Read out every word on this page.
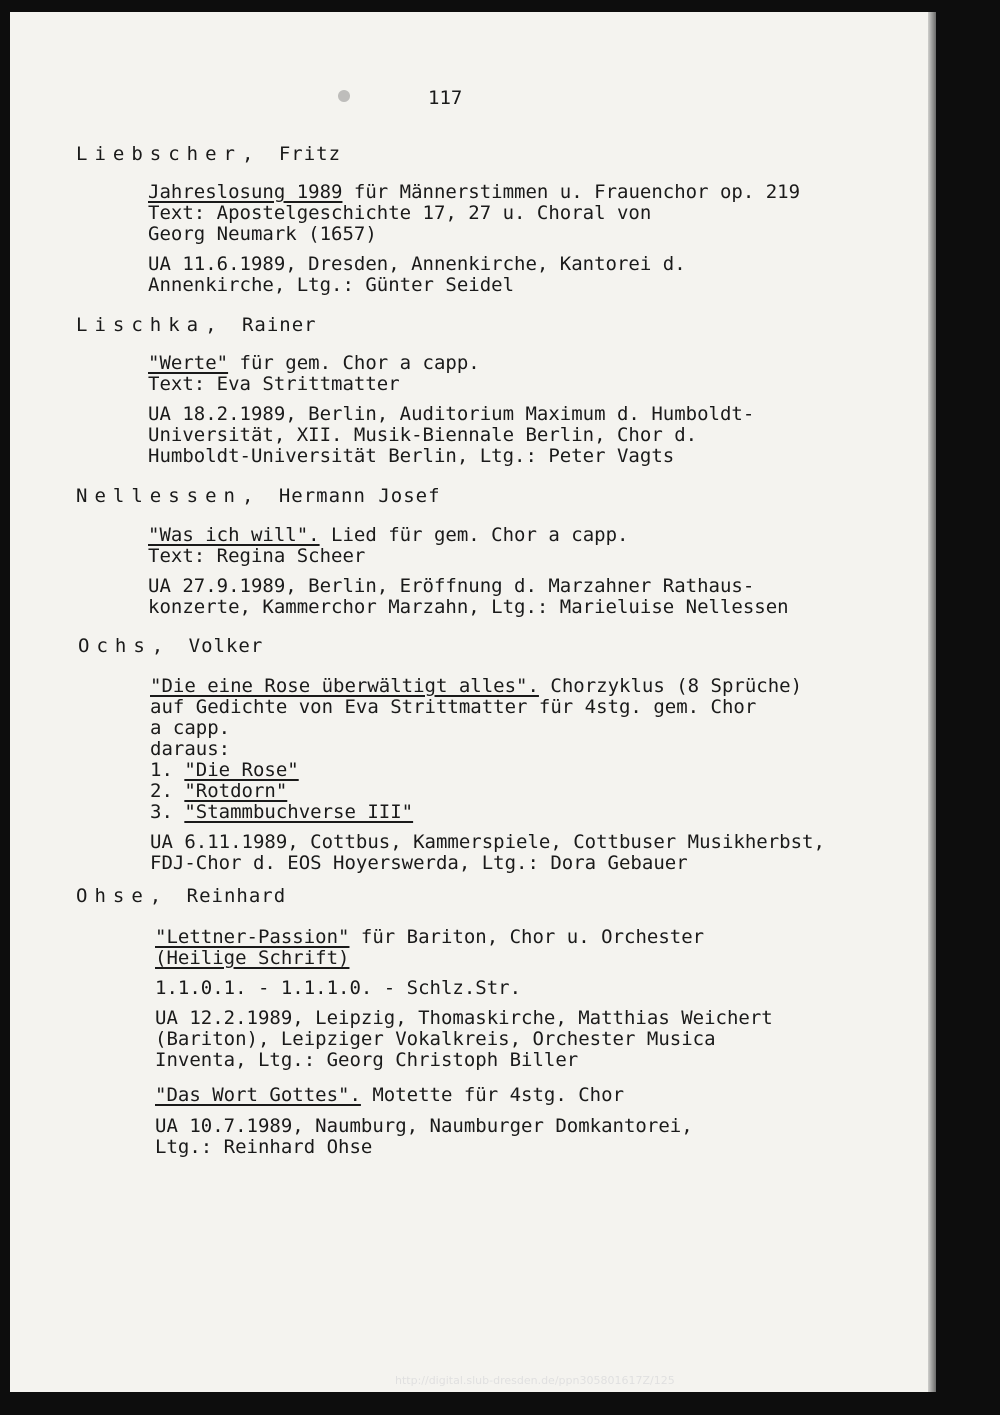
117
Liebscher, Fritz
Jahreslosung 1989 für Männerstimmen u. Frauenchor op. 219
Text: Apostelgeschichte 17, 27 u. Choral von
Georg Neumark (1657)
UA 11.6.1989, Dresden, Annenkirche, Kantorei d.
Annenkirche, Ltg.: Günter Seidel
Lischka, Rainer
"Werte" für gem. Chor a capp.
Text: Eva Strittmatter
UA 18.2.1989, Berlin, Auditorium Maximum d. Humboldt-
Universität, XII. Musik-Biennale Berlin, Chor d.
Humboldt-Universität Berlin, Ltg.: Peter Vagts
Nellessen, Hermann Josef
"Was ich will". Lied für gem. Chor a capp.
Text: Regina Scheer
UA 27.9.1989, Berlin, Eröffnung d. Marzahner Rathaus-
konzerte, Kammerchor Marzahn, Ltg.: Marieluise Nellessen
Ochs, Volker
"Die eine Rose überwältigt alles". Chorzyklus (8 Sprüche)
auf Gedichte von Eva Strittmatter für 4stg. gem. Chor
a capp.
daraus:
1. "Die Rose"
2. "Rotdorn"
3. "Stammbuchverse III"
UA 6.11.1989, Cottbus, Kammerspiele, Cottbuser Musikherbst,
FDJ-Chor d. EOS Hoyerswerda, Ltg.: Dora Gebauer
Ohse, Reinhard
"Lettner-Passion" für Bariton, Chor u. Orchester
(Heilige Schrift)
1.1.0.1. - 1.1.1.0. - Schlz.Str.
UA 12.2.1989, Leipzig, Thomaskirche, Matthias Weichert
(Bariton), Leipziger Vokalkreis, Orchester Musica
Inventa, Ltg.: Georg Christoph Biller
"Das Wort Gottes". Motette für 4stg. Chor
UA 10.7.1989, Naumburg, Naumburger Domkantorei,
Ltg.: Reinhard Ohse
http://digital.slub-dresden.de/ppn305801617Z/125
